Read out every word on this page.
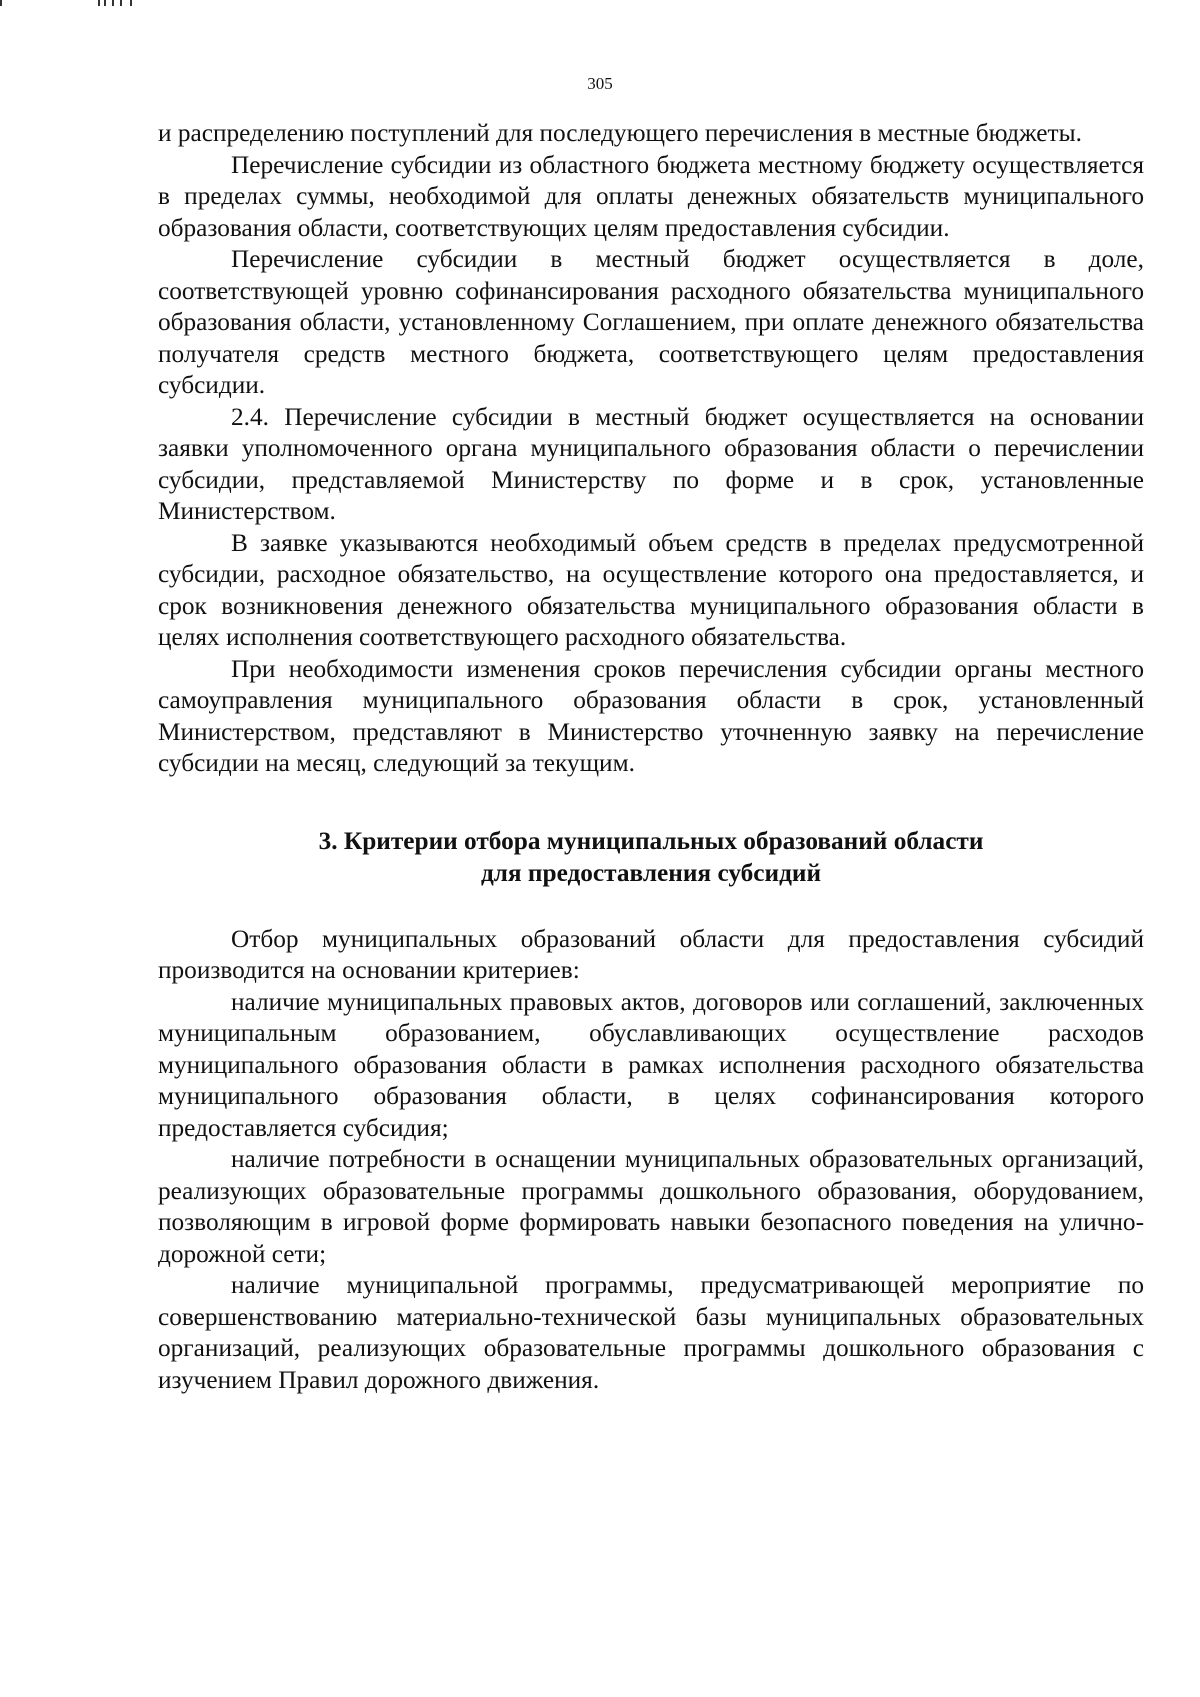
305

и распределению поступлений для последующего перечисления в местные бюджеты.

Перечисление субсидии из областного бюджета местному бюджету осуществляется в пределах суммы, необходимой для оплаты денежных обязательств муниципального образования области, соответствующих целям предоставления субсидии.

Перечисление субсидии в местный бюджет осуществляется в доле, соответствующей уровню софинансирования расходного обязательства муниципального образования области, установленному Соглашением, при оплате денежного обязательства получателя средств местного бюджета, соответствующего целям предоставления субсидии.

2.4. Перечисление субсидии в местный бюджет осуществляется на основании заявки уполномоченного органа муниципального образования области о перечислении субсидии, представляемой Министерству по форме и в срок, установленные Министерством.

В заявке указываются необходимый объем средств в пределах предусмотренной субсидии, расходное обязательство, на осуществление которого она предоставляется, и срок возникновения денежного обязательства муниципального образования области в целях исполнения соответствующего расходного обязательства.

При необходимости изменения сроков перечисления субсидии органы местного самоуправления муниципального образования области в срок, установленный Министерством, представляют в Министерство уточненную заявку на перечисление субсидии на месяц, следующий за текущим.

3. Критерии отбора муниципальных образований области
для предоставления субсидий

Отбор муниципальных образований области для предоставления субсидий производится на основании критериев:

наличие муниципальных правовых актов, договоров или соглашений, заключенных муниципальным образованием, обуславливающих осуществление расходов муниципального образования области в рамках исполнения расходного обязательства муниципального образования области, в целях софинансирования которого предоставляется субсидия;

наличие потребности в оснащении муниципальных образовательных организаций, реализующих образовательные программы дошкольного образования, оборудованием, позволяющим в игровой форме формировать навыки безопасного поведения на улично-дорожной сети;

наличие муниципальной программы, предусматривающей мероприятие по совершенствованию материально-технической базы муниципальных образовательных организаций, реализующих образовательные программы дошкольного образования с изучением Правил дорожного движения.
